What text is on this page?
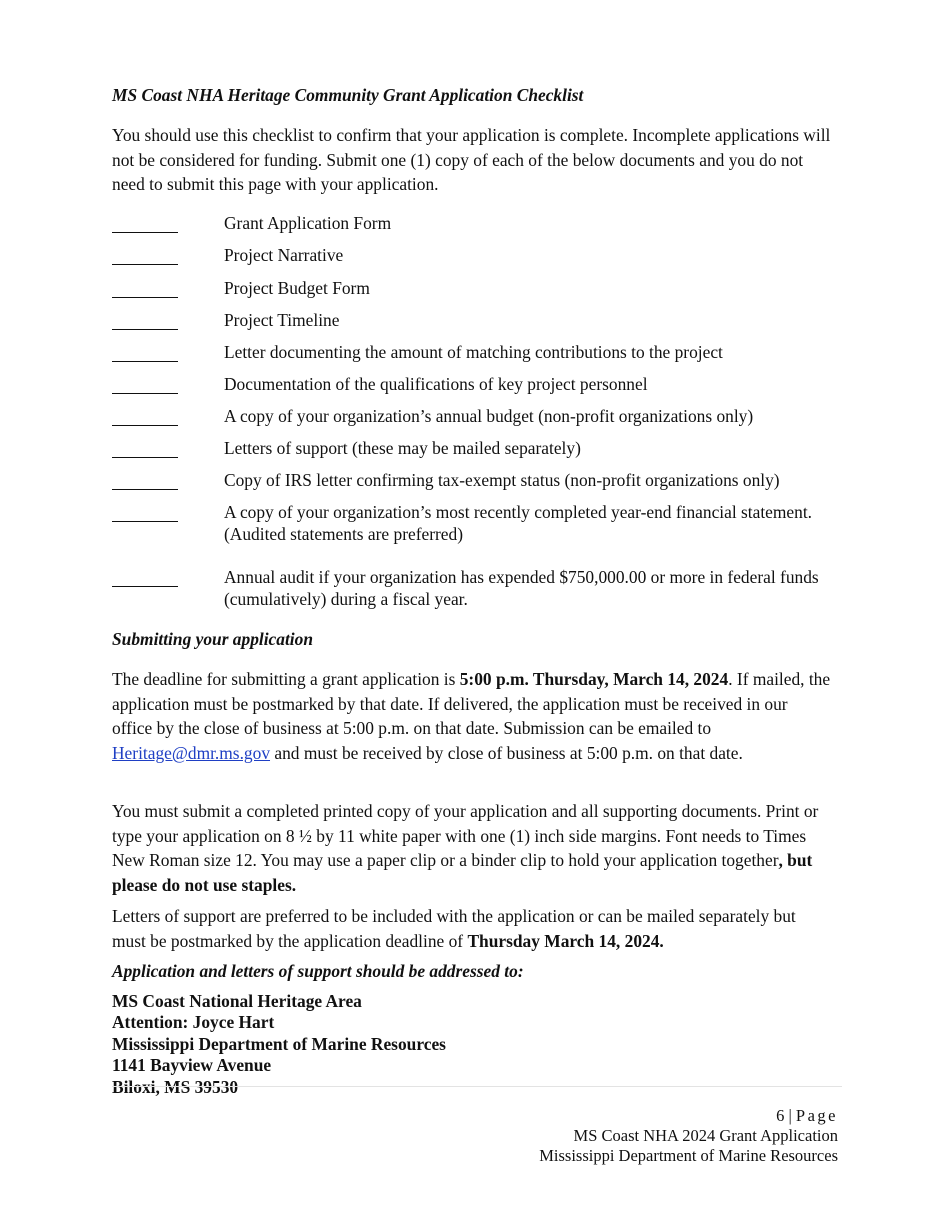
MS Coast NHA Heritage Community Grant Application Checklist
You should use this checklist to confirm that your application is complete. Incomplete applications will not be considered for funding. Submit one (1) copy of each of the below documents and you do not need to submit this page with your application.
Grant Application Form
Project Narrative
Project Budget Form
Project Timeline
Letter documenting the amount of matching contributions to the project
Documentation of the qualifications of key project personnel
A copy of your organization’s annual budget (non-profit organizations only)
Letters of support (these may be mailed separately)
Copy of IRS letter confirming tax-exempt status (non-profit organizations only)
A copy of your organization’s most recently completed year-end financial statement. (Audited statements are preferred)
Annual audit if your organization has expended $750,000.00 or more in federal funds (cumulatively) during a fiscal year.
Submitting your application
The deadline for submitting a grant application is 5:00 p.m. Thursday, March 14, 2024. If mailed, the application must be postmarked by that date. If delivered, the application must be received in our office by the close of business at 5:00 p.m. on that date. Submission can be emailed to Heritage@dmr.ms.gov and must be received by close of business at 5:00 p.m. on that date.
You must submit a completed printed copy of your application and all supporting documents. Print or type your application on 8 ½ by 11 white paper with one (1) inch side margins. Font needs to Times New Roman size 12. You may use a paper clip or a binder clip to hold your application together, but please do not use staples.
Letters of support are preferred to be included with the application or can be mailed separately but must be postmarked by the application deadline of Thursday March 14, 2024.
Application and letters of support should be addressed to:
MS Coast National Heritage Area
Attention: Joyce Hart
Mississippi Department of Marine Resources
1141 Bayview Avenue
Biloxi, MS 39530
6 | Page
MS Coast NHA 2024 Grant Application
Mississippi Department of Marine Resources
